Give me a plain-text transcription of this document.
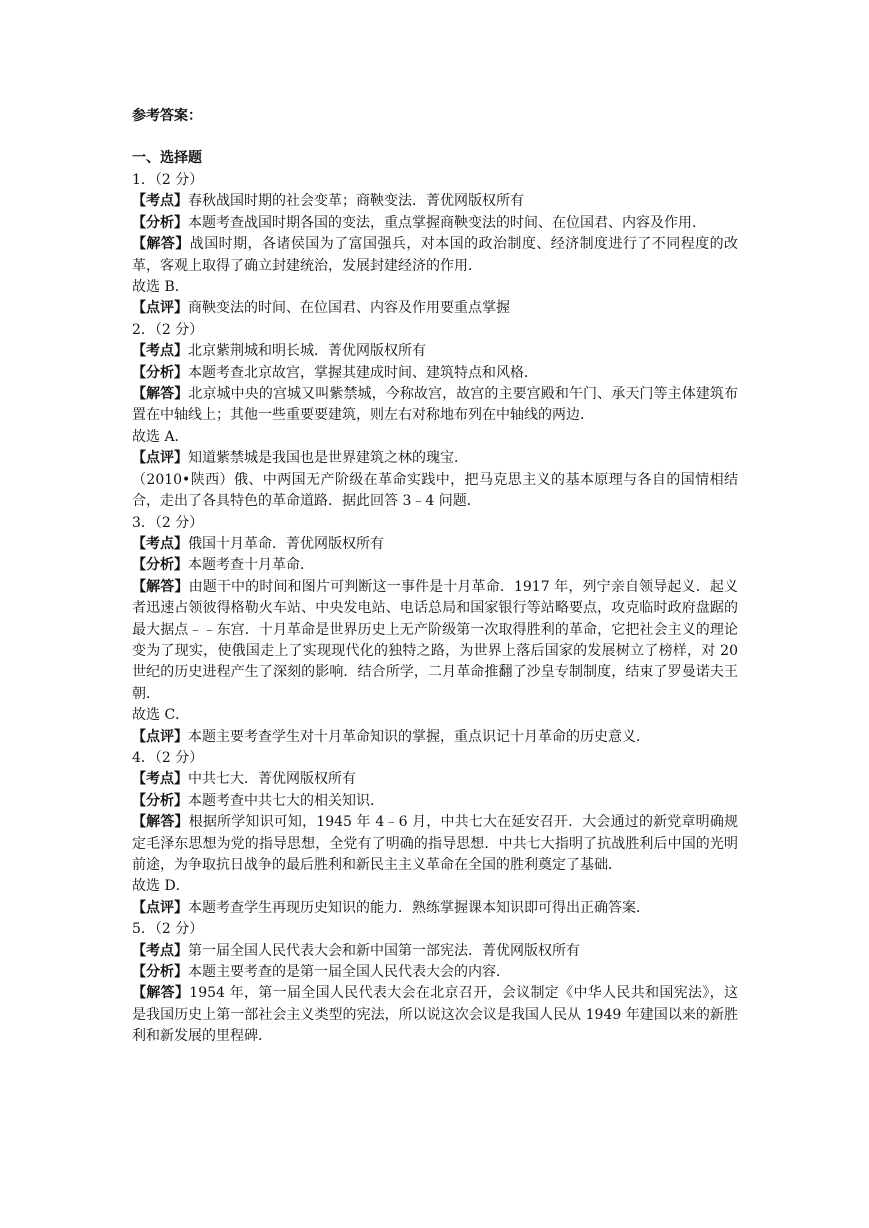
参考答案：
一、选择题
1．（2 分）
【考点】春秋战国时期的社会变革；商鞅变法．菁优网版权所有
【分析】本题考查战国时期各国的变法，重点掌握商鞅变法的时间、在位国君、内容及作用．
【解答】战国时期，各诸侯国为了富国强兵，对本国的政治制度、经济制度进行了不同程度的改革，客观上取得了确立封建统治，发展封建经济的作用．
故选 B．
【点评】商鞅变法的时间、在位国君、内容及作用要重点掌握
2．（2 分）
【考点】北京紫荆城和明长城．菁优网版权所有
【分析】本题考查北京故宫，掌握其建成时间、建筑特点和风格．
【解答】北京城中央的宫城又叫紫禁城，今称故宫，故宫的主要宫殿和午门、承天门等主体建筑布置在中轴线上；其他一些重要要建筑，则左右对称地布列在中轴线的两边．
故选 A．
【点评】知道紫禁城是我国也是世界建筑之林的瑰宝．
（2010•陕西）俄、中两国无产阶级在革命实践中，把马克思主义的基本原理与各自的国情相结合，走出了各具特色的革命道路．据此回答 3﹣4 问题．
3．（2 分）
【考点】俄国十月革命．菁优网版权所有
【分析】本题考查十月革命．
【解答】由题干中的时间和图片可判断这一事件是十月革命．1917 年，列宁亲自领导起义．起义者迅速占领彼得格勒火车站、中央发电站、电话总局和国家银行等站略要点，攻克临时政府盘踞的最大据点﹣﹣东宫．十月革命是世界历史上无产阶级第一次取得胜利的革命，它把社会主义的理论变为了现实，使俄国走上了实现现代化的独特之路，为世界上落后国家的发展树立了榜样，对 20 世纪的历史进程产生了深刻的影响．结合所学，二月革命推翻了沙皇专制制度，结束了罗曼诺夫王朝．
故选 C．
【点评】本题主要考查学生对十月革命知识的掌握，重点识记十月革命的历史意义．
4．（2 分）
【考点】中共七大．菁优网版权所有
【分析】本题考查中共七大的相关知识．
【解答】根据所学知识可知，1945 年 4﹣6 月，中共七大在延安召开．大会通过的新党章明确规定毛泽东思想为党的指导思想，全党有了明确的指导思想．中共七大指明了抗战胜利后中国的光明前途，为争取抗日战争的最后胜利和新民主主义革命在全国的胜利奠定了基础．
故选 D．
【点评】本题考查学生再现历史知识的能力．熟练掌握课本知识即可得出正确答案．
5．（2 分）
【考点】第一届全国人民代表大会和新中国第一部宪法．菁优网版权所有
【分析】本题主要考查的是第一届全国人民代表大会的内容．
【解答】1954 年，第一届全国人民代表大会在北京召开，会议制定《中华人民共和国宪法》，这是我国历史上第一部社会主义类型的宪法，所以说这次会议是我国人民从 1949 年建国以来的新胜利和新发展的里程碑．
